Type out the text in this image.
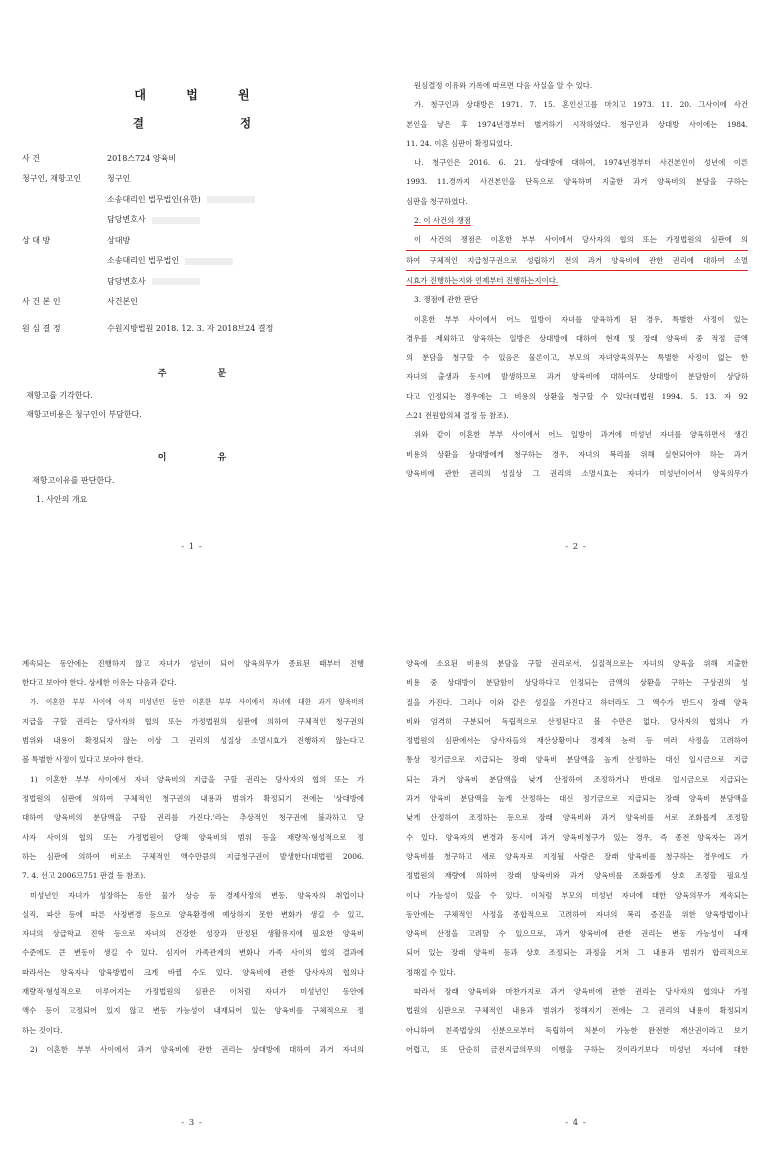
대 법 원
결 정
사 건	2018스724 양육비
청구인, 재항고인	청구인
소송대리인 법무법인(유한)
담당변호사
상 대 방	상대방
소송대리인 법무법인
담당변호사
사 건 본 인	사건본인
원 심 결 정	수원지방법원 2018. 12. 3. 자 2018브24 결정
주 문
재항고를 기각한다.
재항고비용은 청구인이 부담한다.
이 유
재항고이유를 판단한다.
1. 사안의 개요
- 1 -
원심결정 이유와 기록에 따르면 다음 사실을 알 수 있다.
가. 청구인과 상대방은 1971. 7. 15. 혼인신고를 마치고 1973. 11. 20. 그사이에 사건
본인을 낳은 후 1974년경부터 별거하기 시작하였다. 청구인과 상대방 사이에는 1984.
11. 24. 이혼 심판이 확정되었다.
나. 청구인은 2016. 6. 21. 상대방에 대하여, 1974년경부터 사건본인이 성년에 이른
1993. 11.경까지 사건본인을 단독으로 양육하며 지출한 과거 양육비의 분담을 구하는
심판을 청구하였다.
2. 이 사건의 쟁점
이 사건의 쟁점은 이혼한 부부 사이에서 당사자의 협의 또는 가정법원의 심판에 의
하여 구체적인 지급청구권으로 성립하기 전의 과거 양육비에 관한 권리에 대하여 소멸
시효가 진행하는지와 언제부터 진행하는지이다.
3. 쟁점에 관한 판단
이혼한 부부 사이에서 어느 일방이 자녀를 양육하게 된 경우, 특별한 사정이 있는
경우를 제외하고 양육하는 일방은 상대방에 대하여 현재 및 장래 양육비 중 적정 금액
의 분담을 청구할 수 있음은 물론이고, 부모의 자녀양육의무는 특별한 사정이 없는 한
자녀의 출생과 동시에 발생하므로 과거 양육비에 대하여도 상대방이 분담함이 상당하
다고 인정되는 경우에는 그 비용의 상환을 청구할 수 있다(대법원 1994. 5. 13. 자 92
스21 전원합의체 결정 등 참조).
위와 같이 이혼한 부부 사이에서 어느 일방이 과거에 미성년 자녀를 양육하면서 생긴
비용의 상환을 상대방에게 청구하는 경우, 자녀의 복리를 위해 실현되어야 하는 과거
양육비에 관한 권리의 성질상 그 권리의 소멸시효는 자녀가 미성년이어서 양육의무가
- 2 -
계속되는 동안에는 진행하지 않고 자녀가 성년이 되어 양육의무가 종료된 때부터 진행
한다고 보아야 한다. 상세한 이유는 다음과 같다.
가. 이혼한 부부 사이에 아직 미성년인 동안 이혼한 부부 사이에서 자녀에 대한 과거 양육비의
지급을 구할 권리는 당사자의 협의 또는 가정법원의 심판에 의하여 구체적인 청구권의
범위와 내용이 확정되지 않는 이상 그 권리의 성질상 소멸시효가 진행하지 않는다고
볼 특별한 사정이 있다고 보아야 한다.
1) 이혼한 부부 사이에서 자녀 양육비의 지급을 구할 권리는 당사자의 협의 또는 가
정법원의 심판에 의하여 구체적인 청구권의 내용과 범위가 확정되기 전에는 '상대방에
대하여 양육비의 분담액을 구할 권리를 가진다.'라는 추상적인 청구권에 불과하고 당
사자 사이의 협의 또는 가정법원이 당해 양육비의 범위 등을 재량적·형성적으로 정
하는 심판에 의하여 비로소 구체적인 액수만큼의 지급청구권이 발생한다(대법원 2006.
7. 4. 선고 2006므751 판결 등 참조).
미성년인 자녀가 성장하는 동안 물가 상승 등 경제사정의 변동, 양육자의 취업이나
실직, 파산 등에 따른 사정변경 등으로 양육환경에 예상하지 못한 변화가 생길 수 있고,
자녀의 상급학교 진학 등으로 자녀의 건강한 성장과 안정된 생활유지에 필요한 양육비
수준에도 큰 변동이 생길 수 있다. 심지어 가족관계의 변화나 가족 사이의 협의 결과에
따라서는 양육자나 양육방법이 크게 바뀔 수도 있다. 양육비에 관한 당사자의 협의나
재량적·형성적으로 이루어지는 가정법원의 심판은 이처럼 자녀가 미성년인 동안에
액수 등이 고정되어 있지 않고 변동 가능성이 내재되어 있는 양육비를 구체적으로 정
하는 것이다.
2) 이혼한 부부 사이에서 과거 양육비에 관한 권리는 상대방에 대하여 과거 자녀의
- 3 -
양육에 소요된 비용의 분담을 구할 권리로서, 실질적으로는 자녀의 양육을 위해 지출한
비용 중 상대방이 분담함이 상당하다고 인정되는 금액의 상환을 구하는 구상권의 성
질을 가진다. 그러나 이와 같은 성질을 가진다고 하더라도 그 액수가 반드시 장래 양육
비와 엄격히 구분되어 독립적으로 산정된다고 볼 수만은 없다. 당사자의 협의나 가
정법원의 심판에서는 당사자들의 재산상황이나 경제적 능력 등 여러 사정을 고려하여
통상 정기금으로 지급되는 장래 양육비 분담액을 높게 산정하는 대신 일시금으로 지급
되는 과거 양육비 분담액을 낮게 산정하여 조정하거나 반대로 일시금으로 지급되는
과거 양육비 분담액을 높게 산정하는 대신 정기금으로 지급되는 장래 양육비 분담액을
낮게 산정하여 조정하는 등으로 장래 양육비와 과거 양육비를 서로 조화롭게 조정할
수 있다. 양육자의 변경과 동시에 과거 양육비청구가 있는 경우, 즉 종전 양육자는 과거
양육비를 청구하고 새로 양육자로 지정될 사람은 장래 양육비를 청구하는 경우에도 가
정법원의 재량에 의하여 장래 양육비와 과거 양육비를 조화롭게 상호 조정할 필요성
이나 가능성이 있을 수 있다. 이처럼 부모의 미성년 자녀에 대한 양육의무가 계속되는
동안에는 구체적인 사정을 종합적으로 고려하여 자녀의 복리 증진을 위한 양육방법이나
양육비 산정을 고려할 수 있으므로, 과거 양육비에 관한 권리는 변동 가능성이 내재
되어 있는 장래 양육비 등과 상호 조정되는 과정을 거쳐 그 내용과 범위가 합리적으로
정해질 수 있다.
따라서 장래 양육비와 마찬가지로 과거 양육비에 관한 권리는 당사자의 협의나 가정
법원의 심판으로 구체적인 내용과 범위가 정해지기 전에는 그 권리의 내용이 확정되지
아니하여 친족법상의 신분으로부터 독립하여 처분이 가능한 완전한 재산권이라고 보기
어렵고, 또 단순히 금전지급의무의 이행을 구하는 것이라기보다 미성년 자녀에 대한
- 4 -
